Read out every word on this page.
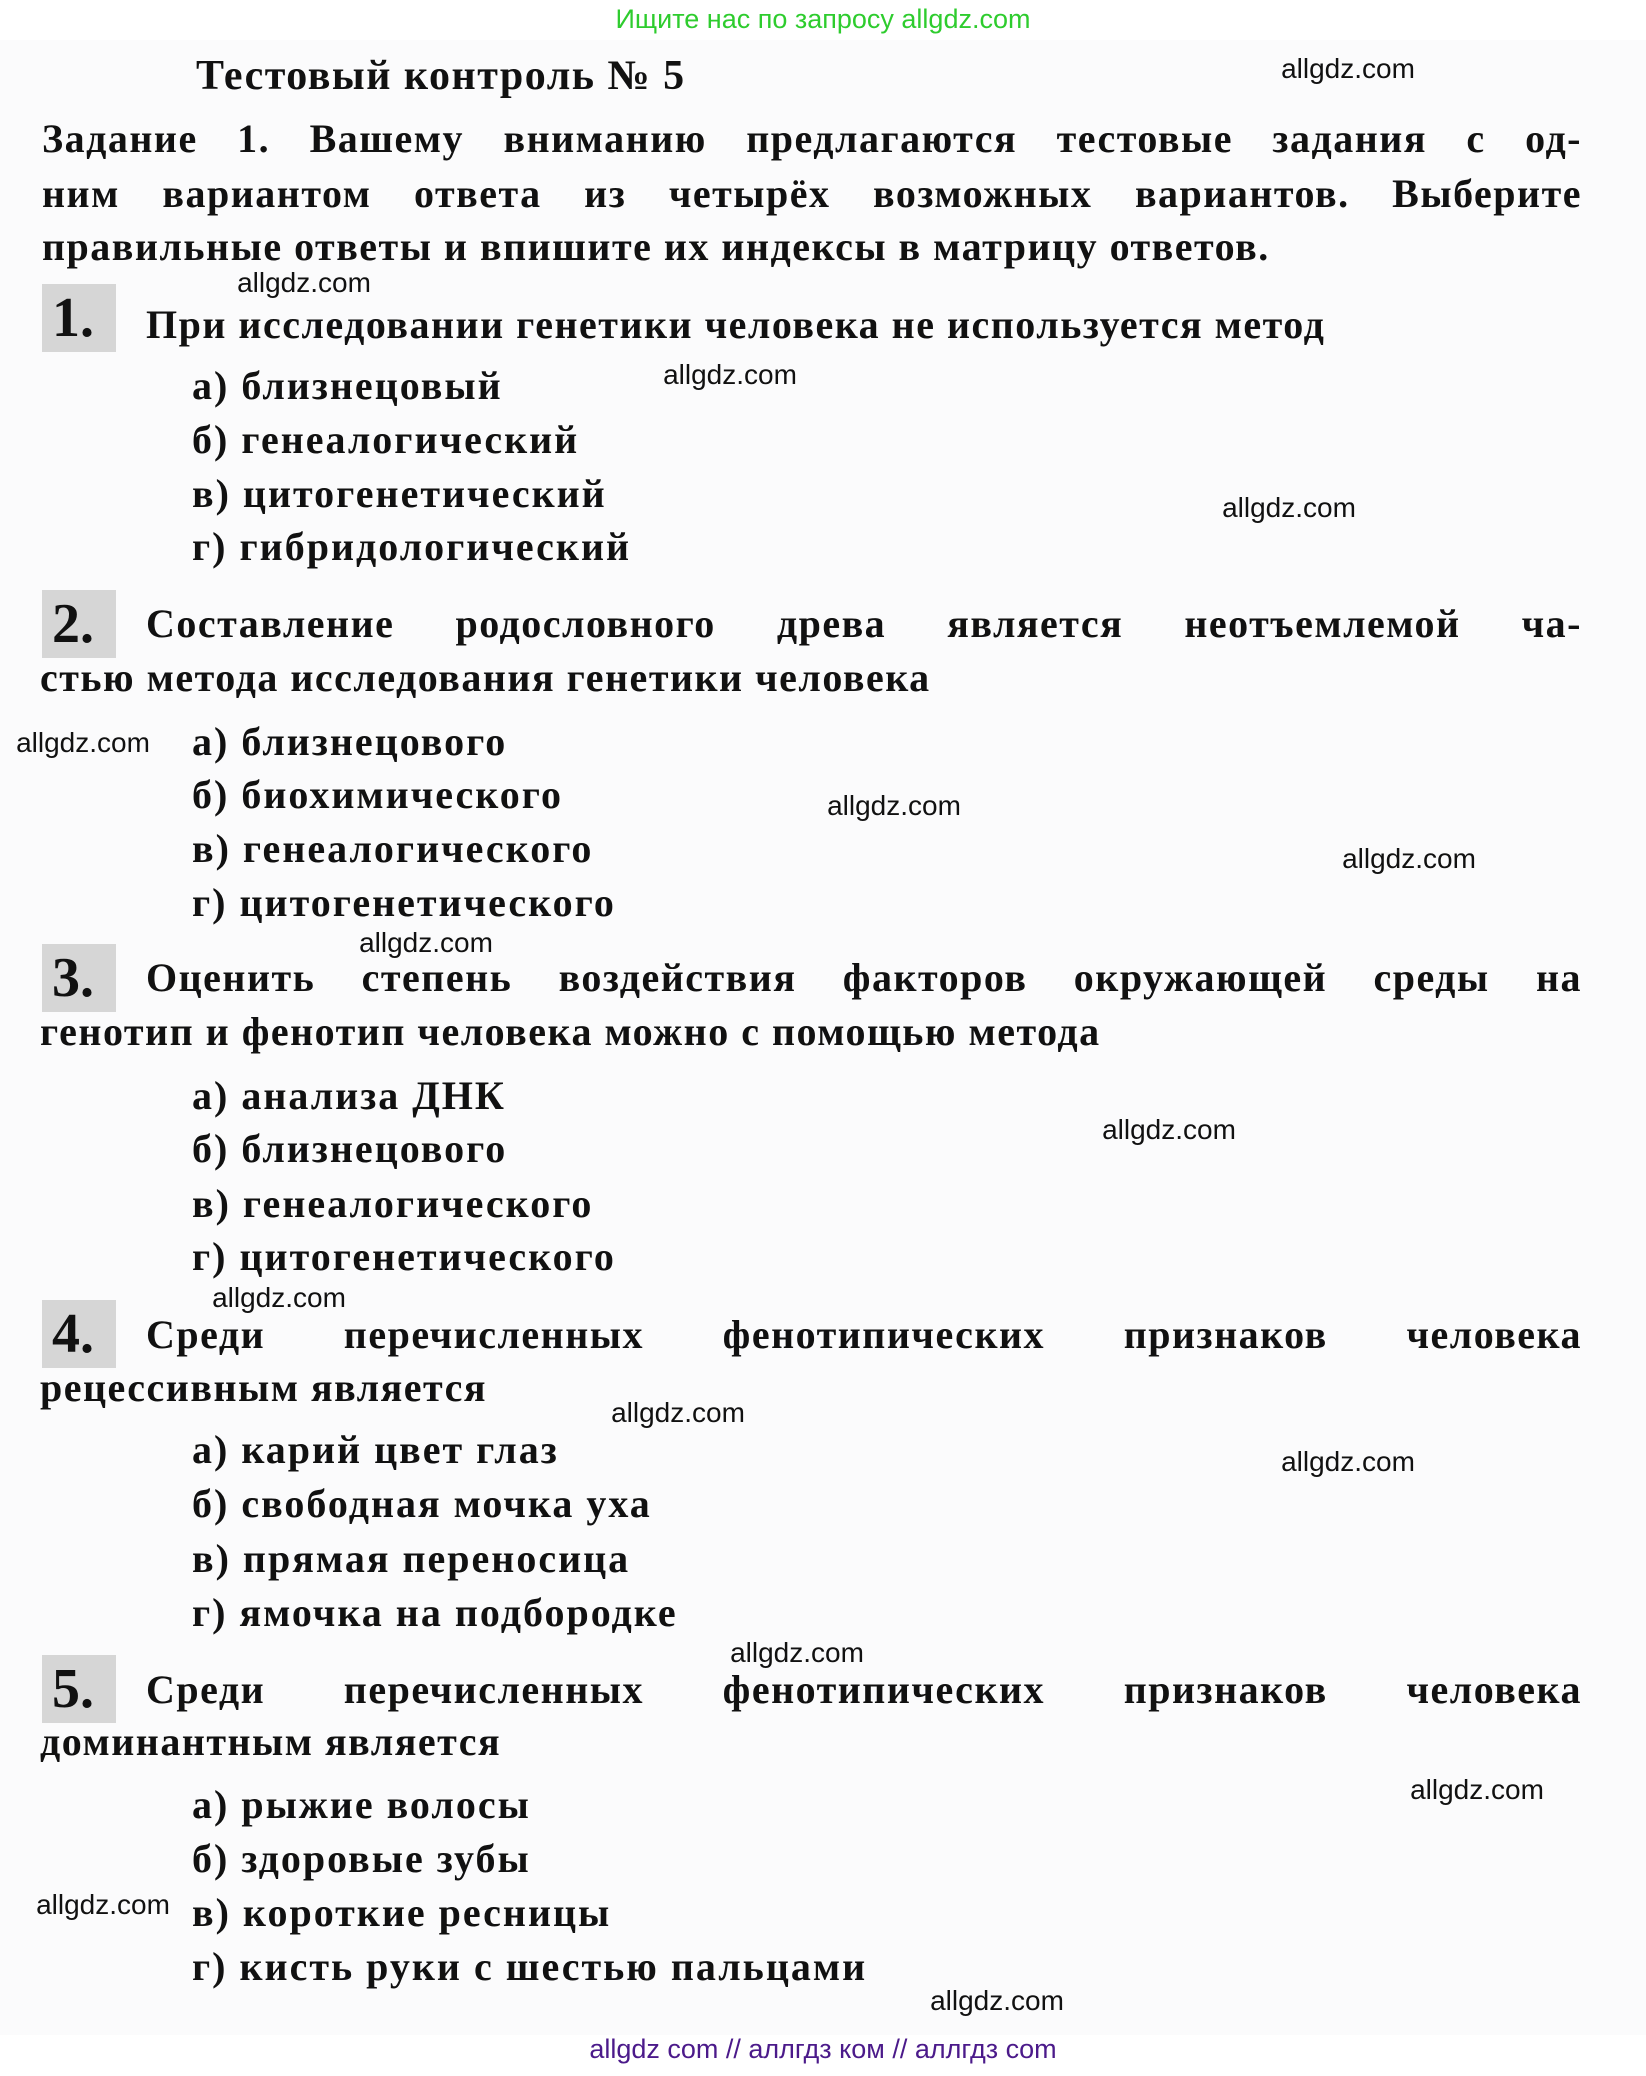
Ищите нас по запросу allgdz.com
Тестовый контроль № 5
Задание 1. Вашему вниманию предлагаются тестовые задания с од-
ним вариантом ответа из четырёх возможных вариантов. Выберите
правильные ответы и впишите их индексы в матрицу ответов.
1. При исследовании генетики человека не используется метод
а) близнецовый
б) генеалогический
в) цитогенетический
г) гибридологический
2. Составление родословного древа является неотъемлемой ча-
стью метода исследования генетики человека
а) близнецового
б) биохимического
в) генеалогического
г) цитогенетического
3. Оценить степень воздействия факторов окружающей среды на
генотип и фенотип человека можно с помощью метода
а) анализа ДНК
б) близнецового
в) генеалогического
г) цитогенетического
4. Среди перечисленных фенотипических признаков человека
рецессивным является
а) карий цвет глаз
б) свободная мочка уха
в) прямая переносица
г) ямочка на подбородке
5. Среди перечисленных фенотипических признаков человека
доминантным является
а) рыжие волосы
б) здоровые зубы
в) короткие ресницы
г) кисть руки с шестью пальцами
allgdz.com
allgdz.com
allgdz.com
allgdz.com
allgdz.com
allgdz.com
allgdz.com
allgdz.com
allgdz.com
allgdz.com
allgdz.com
allgdz.com
allgdz.com
allgdz.com
allgdz.com
allgdz.com
allgdz com // аллгдз ком // аллгдз com
